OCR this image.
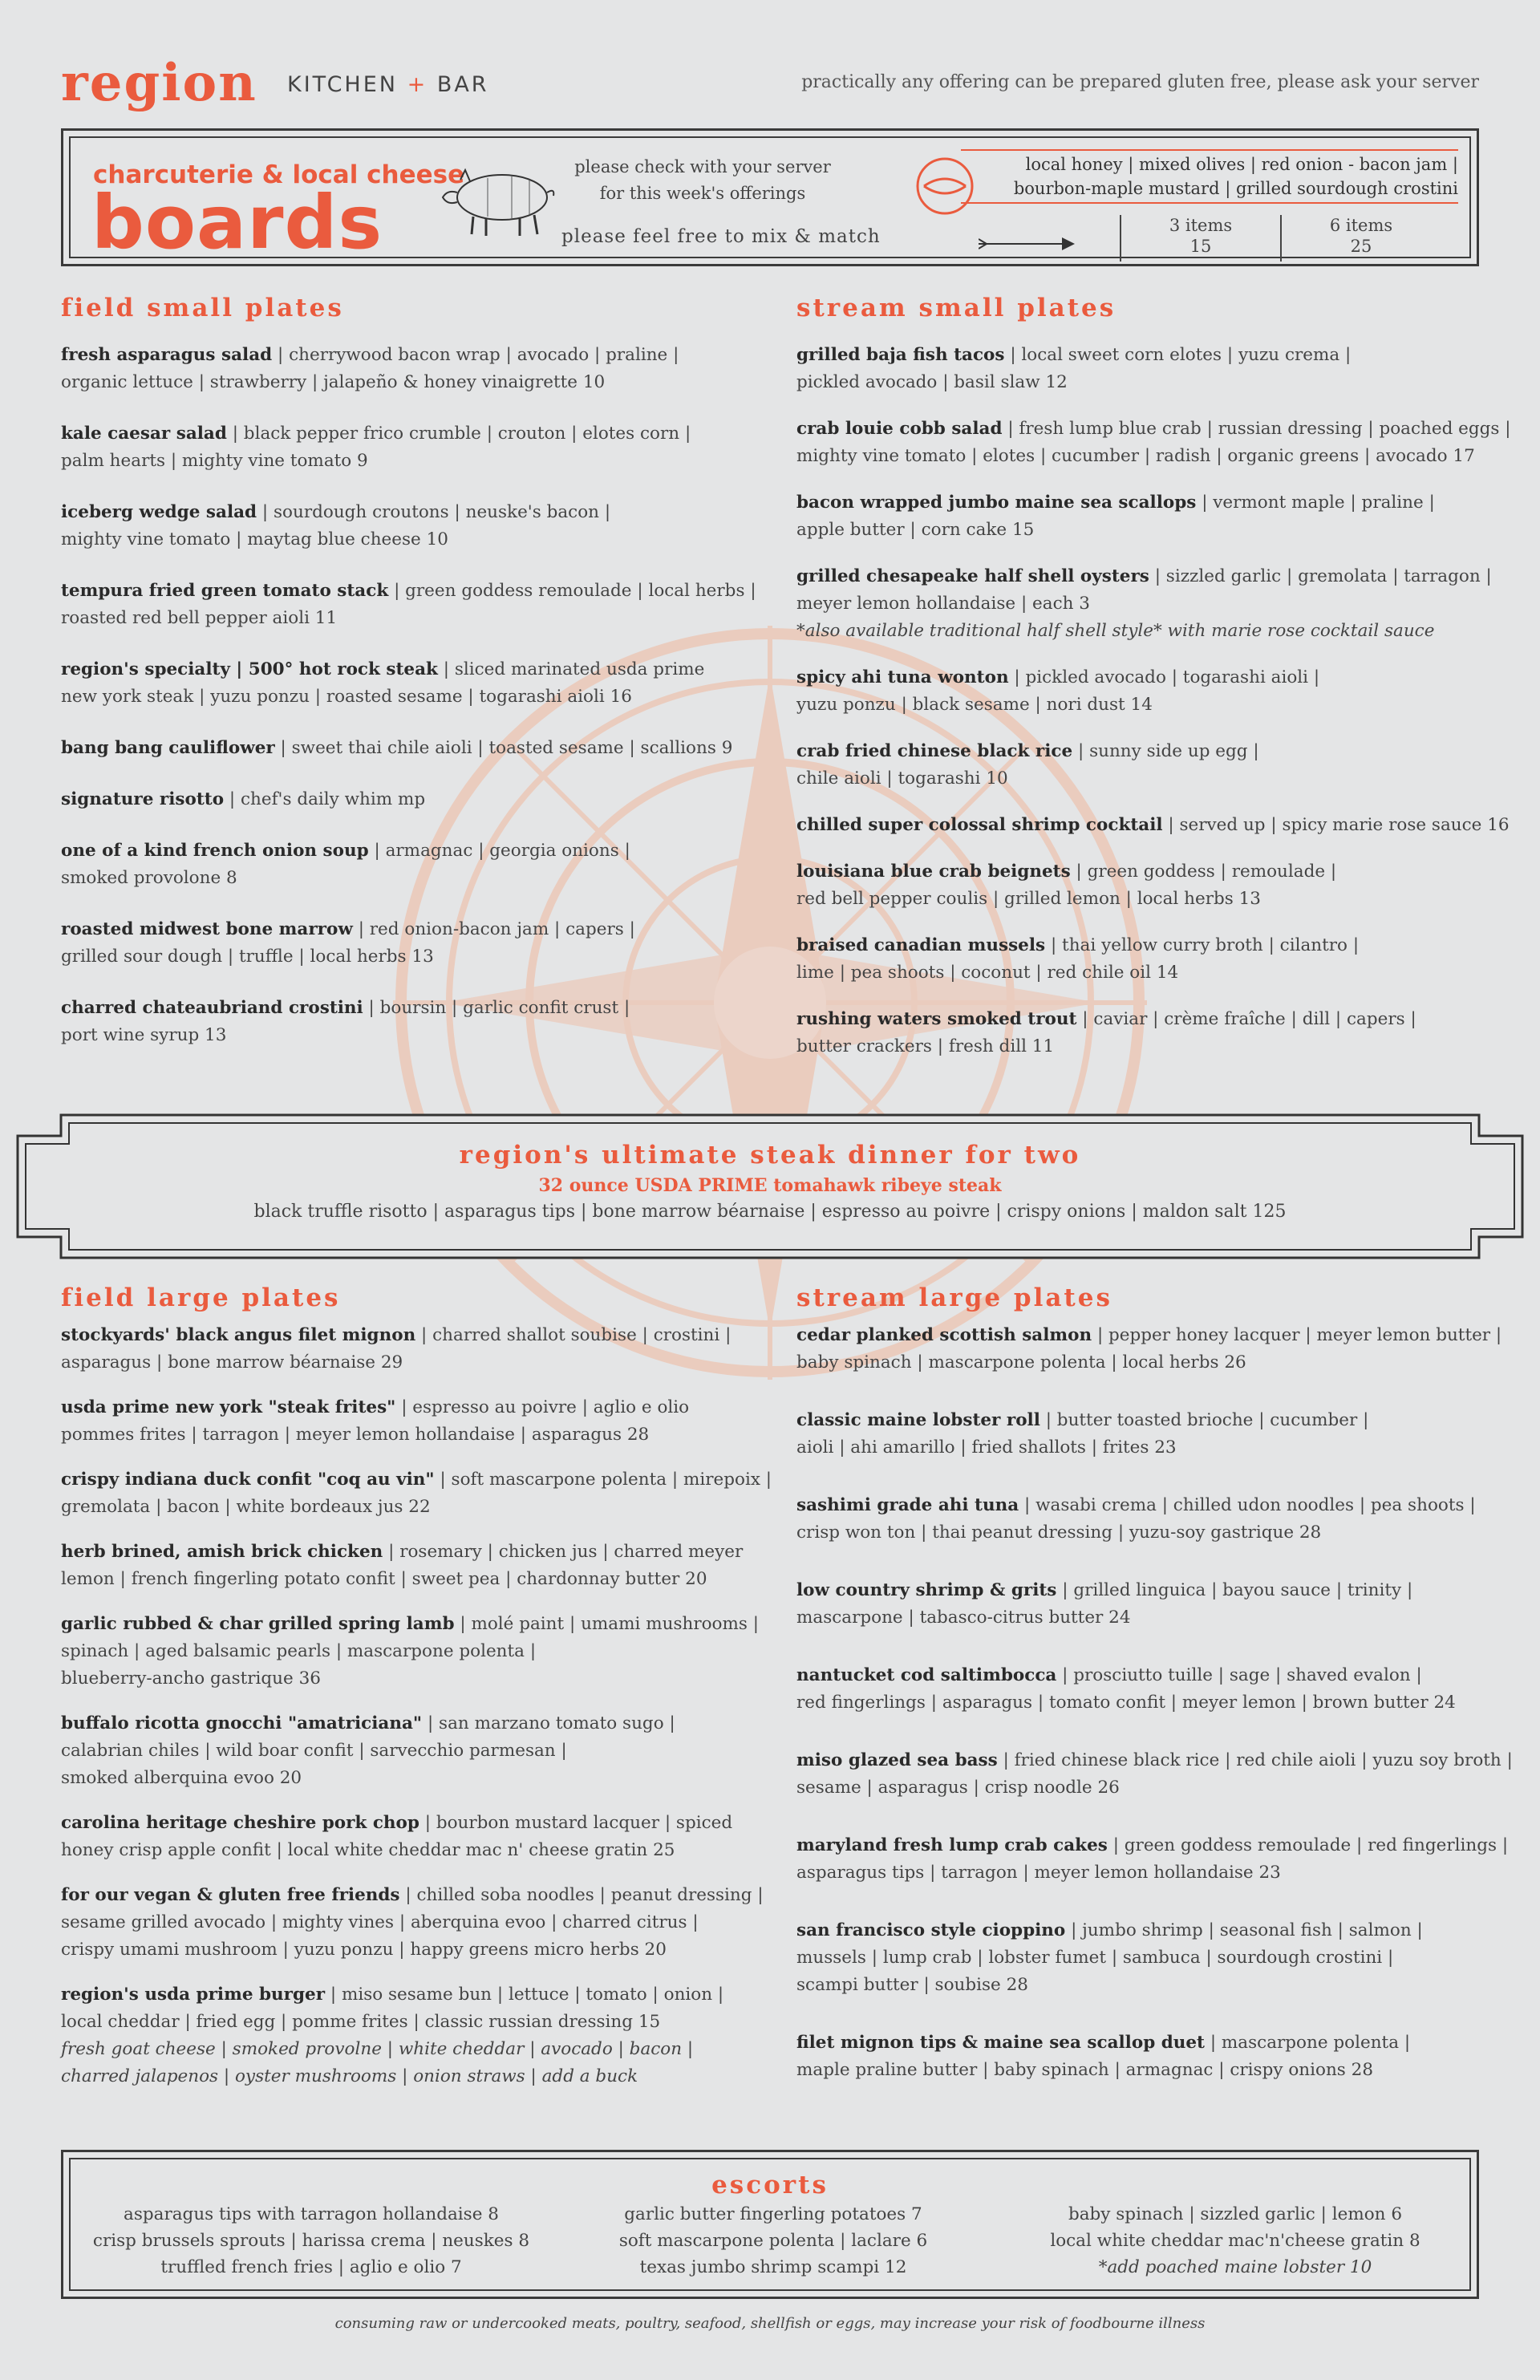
region KITCHEN + BAR	practically any offering can be prepared gluten free, please ask your server
charcuterie & local cheese
boards
please check with your server
for this week's offerings
please feel free to mix & match
local honey | mixed olives | red onion - bacon jam |
bourbon-maple mustard | grilled sourdough crostini
3 items
15
6 items
25
field small plates
fresh asparagus salad | cherrywood bacon wrap | avocado | praline |
organic lettuce | strawberry | jalapeño & honey vinaigrette 10
kale caesar salad | black pepper frico crumble | crouton | elotes corn |
palm hearts | mighty vine tomato 9
iceberg wedge salad | sourdough croutons | neuske's bacon |
mighty vine tomato | maytag blue cheese 10
tempura fried green tomato stack | green goddess remoulade | local herbs |
roasted red bell pepper aioli 11
region's specialty | 500° hot rock steak | sliced marinated usda prime
new york steak | yuzu ponzu | roasted sesame | togarashi aioli 16
bang bang cauliflower | sweet thai chile aioli | toasted sesame | scallions 9
signature risotto | chef's daily whim mp
one of a kind french onion soup | armagnac | georgia onions |
smoked provolone 8
roasted midwest bone marrow | red onion-bacon jam | capers |
grilled sour dough | truffle | local herbs 13
charred chateaubriand crostini | boursin | garlic confit crust |
port wine syrup 13
stream small plates
grilled baja fish tacos | local sweet corn elotes | yuzu crema |
pickled avocado | basil slaw 12
crab louie cobb salad | fresh lump blue crab | russian dressing | poached eggs |
mighty vine tomato | elotes | cucumber | radish | organic greens | avocado 17
bacon wrapped jumbo maine sea scallops | vermont maple | praline |
apple butter | corn cake 15
grilled chesapeake half shell oysters | sizzled garlic | gremolata | tarragon |
meyer lemon hollandaise | each 3
*also available traditional half shell style* with marie rose cocktail sauce
spicy ahi tuna wonton | pickled avocado | togarashi aioli |
yuzu ponzu | black sesame | nori dust 14
crab fried chinese black rice | sunny side up egg |
chile aioli | togarashi 10
chilled super colossal shrimp cocktail | served up | spicy marie rose sauce 16
louisiana blue crab beignets | green goddess | remoulade |
red bell pepper coulis | grilled lemon | local herbs 13
braised canadian mussels | thai yellow curry broth | cilantro |
lime | pea shoots | coconut | red chile oil 14
rushing waters smoked trout | caviar | crème fraîche | dill | capers |
butter crackers | fresh dill 11
region's ultimate steak dinner for two
32 ounce USDA PRIME tomahawk ribeye steak
black truffle risotto | asparagus tips | bone marrow béarnaise | espresso au poivre | crispy onions | maldon salt 125
field large plates
stockyards' black angus filet mignon | charred shallot soubise | crostini |
asparagus | bone marrow béarnaise 29
usda prime new york "steak frites" | espresso au poivre | aglio e olio
pommes frites | tarragon | meyer lemon hollandaise | asparagus 28
crispy indiana duck confit "coq au vin" | soft mascarpone polenta | mirepoix |
gremolata | bacon | white bordeaux jus 22
herb brined, amish brick chicken | rosemary | chicken jus | charred meyer
lemon | french fingerling potato confit | sweet pea | chardonnay butter 20
garlic rubbed & char grilled spring lamb | molé paint | umami mushrooms |
spinach | aged balsamic pearls | mascarpone polenta |
blueberry-ancho gastrique 36
buffalo ricotta gnocchi "amatriciana" | san marzano tomato sugo |
calabrian chiles | wild boar confit | sarvecchio parmesan |
smoked alberquina evoo 20
carolina heritage cheshire pork chop | bourbon mustard lacquer | spiced
honey crisp apple confit | local white cheddar mac n' cheese gratin 25
for our vegan & gluten free friends | chilled soba noodles | peanut dressing |
sesame grilled avocado | mighty vines | aberquina evoo | charred citrus |
crispy umami mushroom | yuzu ponzu | happy greens micro herbs 20
region's usda prime burger | miso sesame bun | lettuce | tomato | onion |
local cheddar | fried egg | pomme frites | classic russian dressing 15
fresh goat cheese | smoked provolne | white cheddar | avocado | bacon |
charred jalapenos | oyster mushrooms | onion straws | add a buck
stream large plates
cedar planked scottish salmon | pepper honey lacquer | meyer lemon butter |
baby spinach | mascarpone polenta | local herbs 26
classic maine lobster roll | butter toasted brioche | cucumber |
aioli | ahi amarillo | fried shallots | frites 23
sashimi grade ahi tuna | wasabi crema | chilled udon noodles | pea shoots |
crisp won ton | thai peanut dressing | yuzu-soy gastrique 28
low country shrimp & grits | grilled linguica | bayou sauce | trinity |
mascarpone | tabasco-citrus butter 24
nantucket cod saltimbocca | prosciutto tuille | sage | shaved evalon |
red fingerlings | asparagus | tomato confit | meyer lemon | brown butter 24
miso glazed sea bass | fried chinese black rice | red chile aioli | yuzu soy broth |
sesame | asparagus | crisp noodle 26
maryland fresh lump crab cakes | green goddess remoulade | red fingerlings |
asparagus tips | tarragon | meyer lemon hollandaise 23
san francisco style cioppino | jumbo shrimp | seasonal fish | salmon |
mussels | lump crab | lobster fumet | sambuca | sourdough crostini |
scampi butter | soubise 28
filet mignon tips & maine sea scallop duet | mascarpone polenta |
maple praline butter | baby spinach | armagnac | crispy onions 28
escorts
asparagus tips with tarragon hollandaise 8
crisp brussels sprouts | harissa crema | neuskes 8
truffled french fries | aglio e olio 7
garlic butter fingerling potatoes 7
soft mascarpone polenta | laclare 6
texas jumbo shrimp scampi 12
baby spinach | sizzled garlic | lemon 6
local white cheddar mac'n'cheese gratin 8
*add poached maine lobster 10
consuming raw or undercooked meats, poultry, seafood, shellfish or eggs, may increase your risk of foodbourne illness
